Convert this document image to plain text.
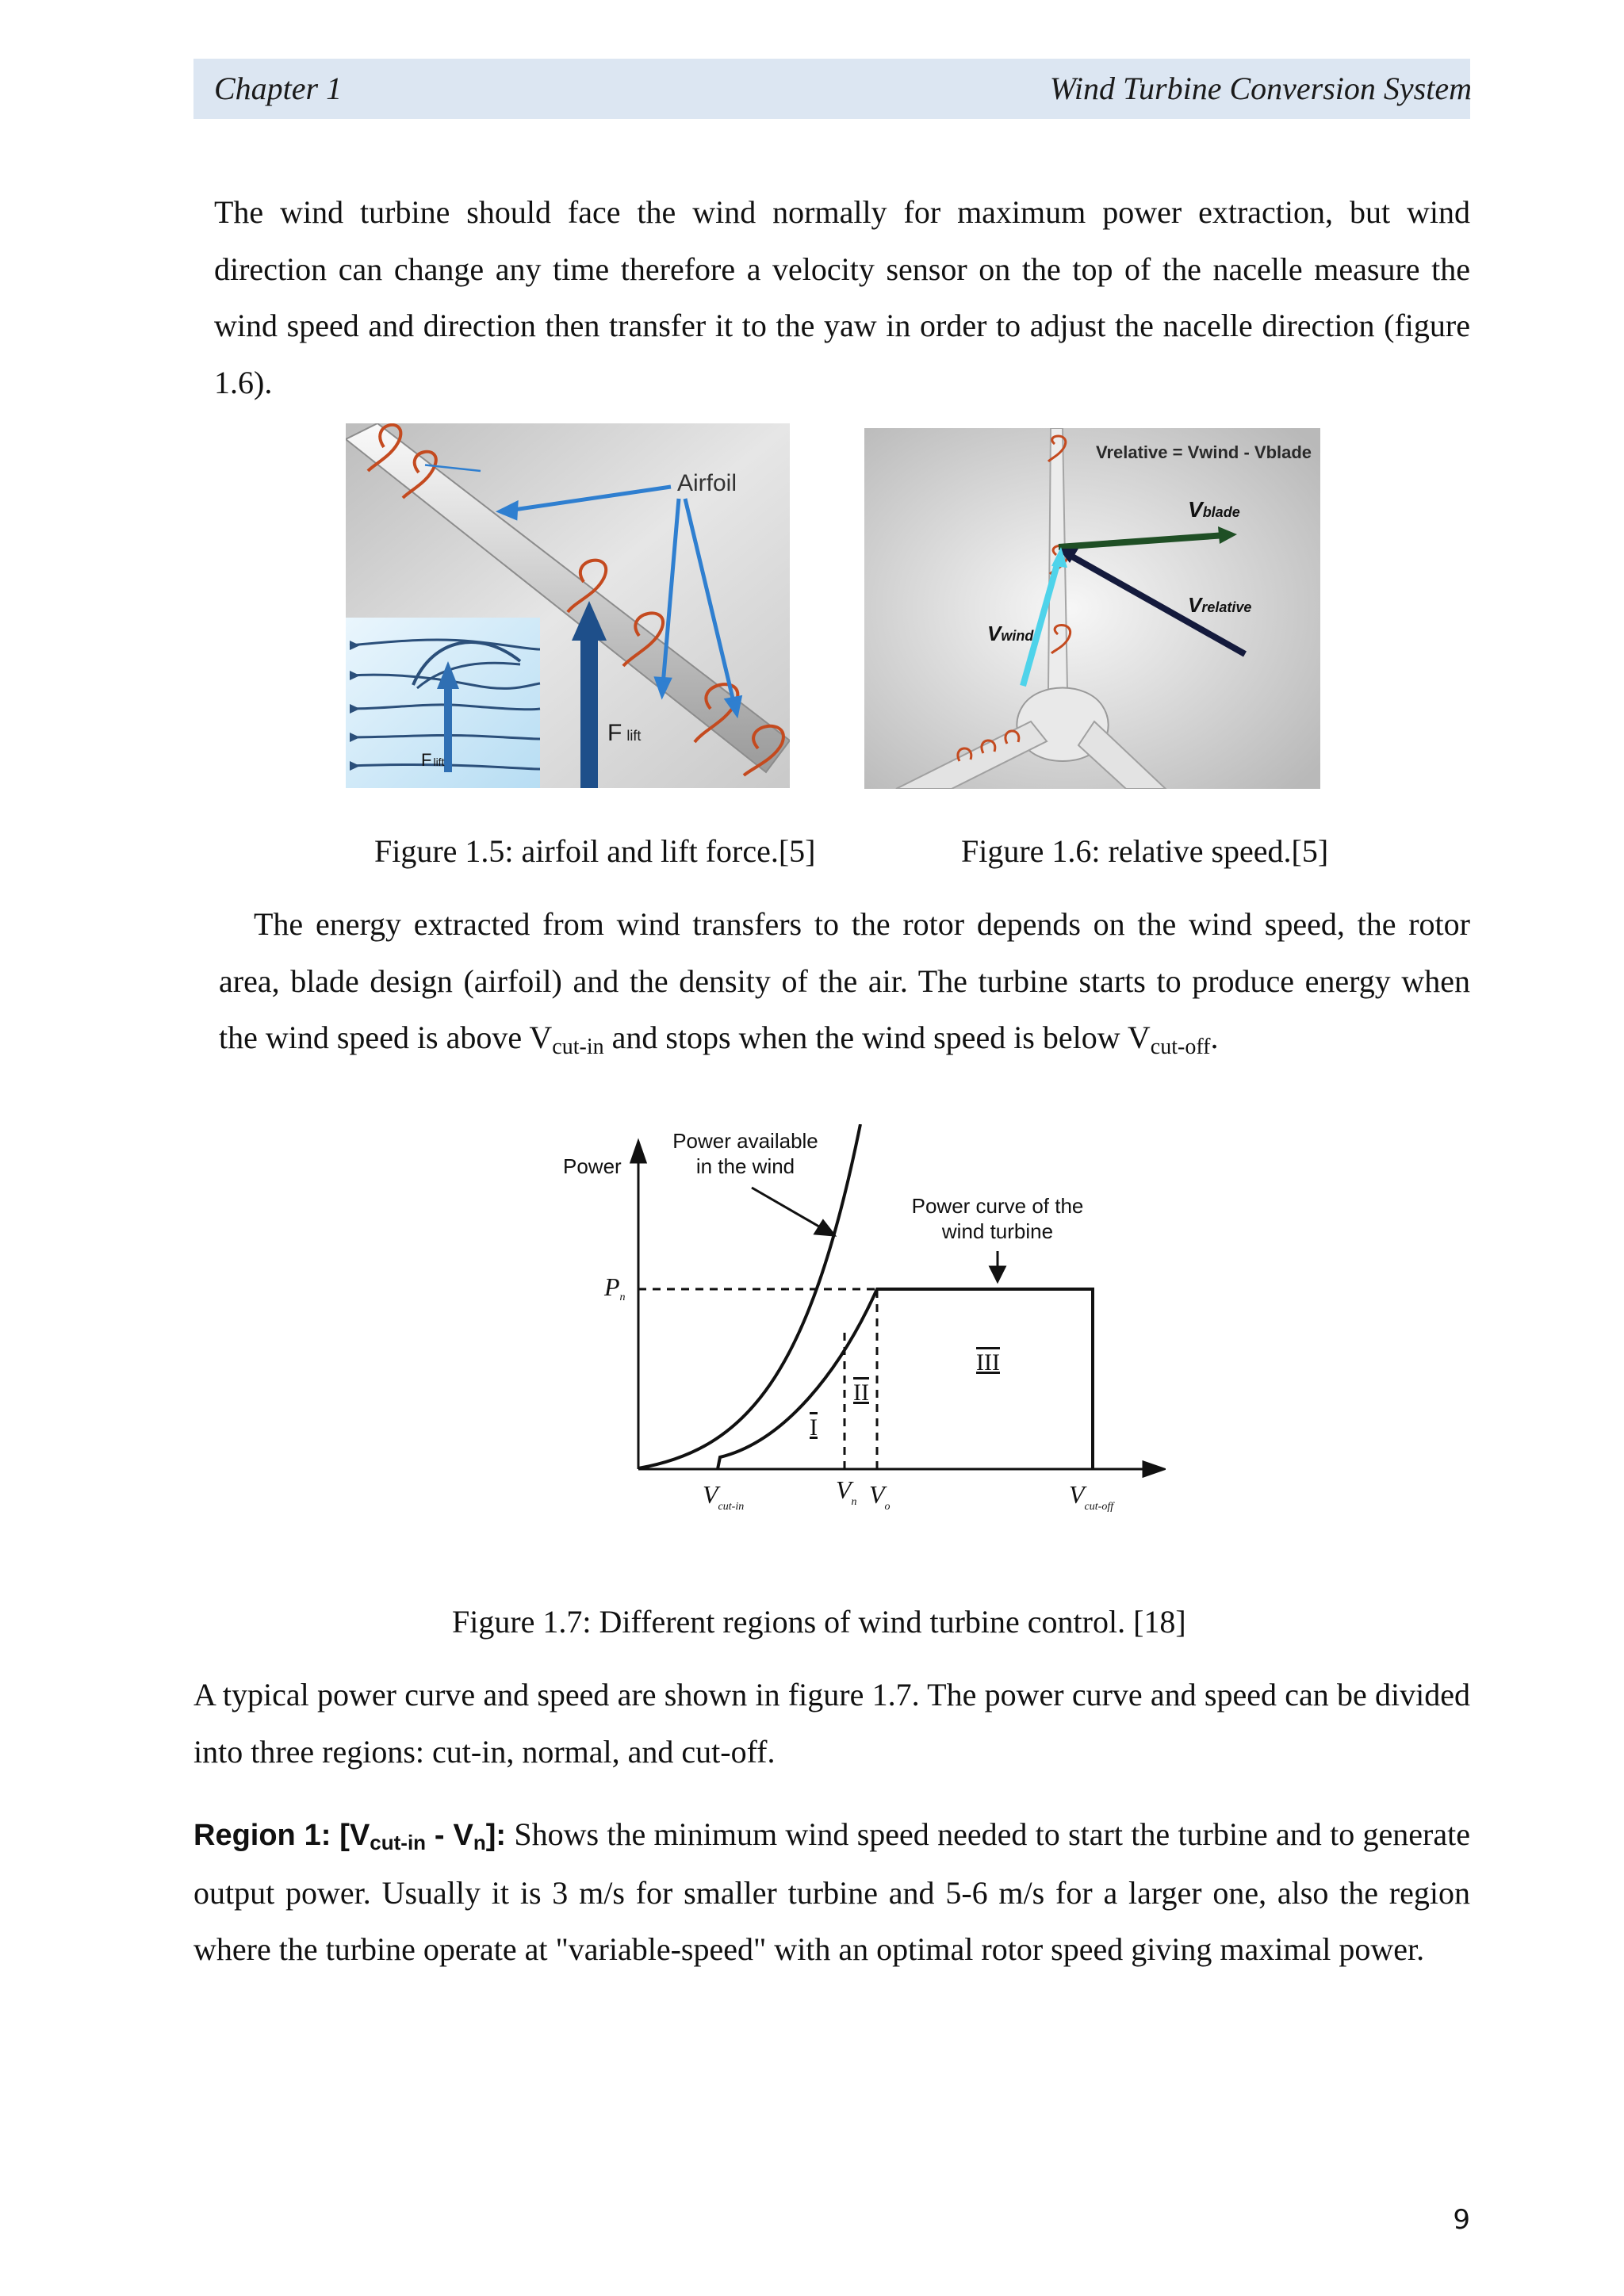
Chapter 1	Wind Turbine Conversion System

The wind turbine should face the wind normally for maximum power extraction, but wind direction can change any time therefore a velocity sensor on the top of the nacelle measure the wind speed and direction then transfer it to the yaw in order to adjust the nacelle direction (figure 1.6).

Airfoil
Flift
Flift
Vrelative = Vwind - Vblade
Vblade
Vrelative
Vwind

Figure 1.5: airfoil and lift force.[5]	Figure 1.6: relative speed.[5]

The energy extracted from wind transfers to the rotor depends on the wind speed, the rotor area, blade design (airfoil) and the density of the air. The turbine starts to produce energy when the wind speed is above $V_{cut-in}$ and stops when the wind speed is below $V_{cut-off}$.

Power
Pn
Power available
in the wind
Power curve of the
wind turbine
I
II
III
$V_{cut-in}$
$V_n$ $V_o$	$V_{cut-off}$

Figure 1.7: Different regions of wind turbine control. [18]

A typical power curve and speed are shown in figure 1.7. The power curve and speed can be divided into three regions: cut-in, normal, and cut-off.

Region 1: $[V_{cut-in} - V_n]$: Shows the minimum wind speed needed to start the turbine and to generate output power. Usually it is 3 m/s for smaller turbine and 5-6 m/s for a larger one, also the region where the turbine operate at "variable-speed" with an optimal rotor speed giving maximal power.

9
